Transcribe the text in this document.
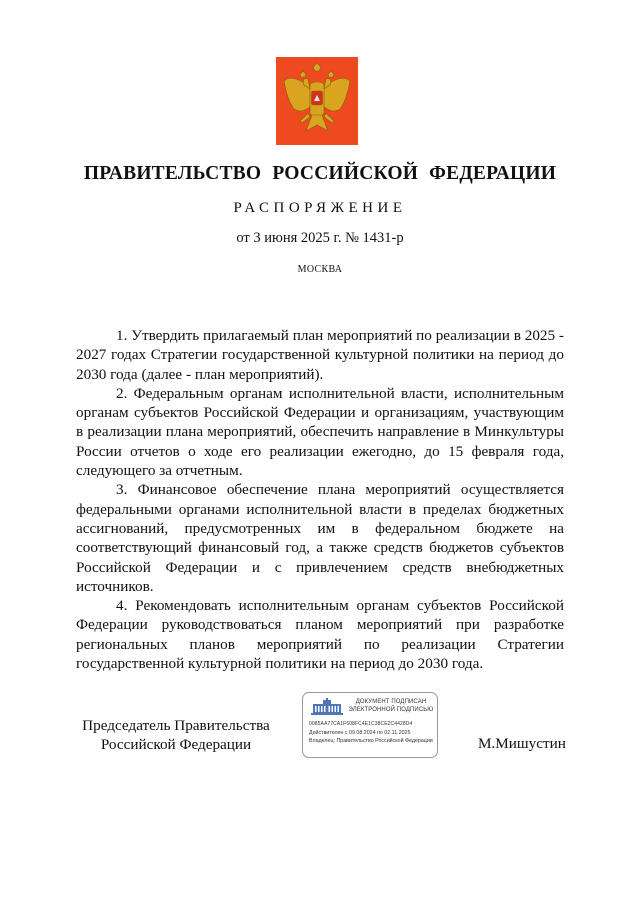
ПРАВИТЕЛЬСТВО РОССИЙСКОЙ ФЕДЕРАЦИИ
РАСПОРЯЖЕНИЕ
от 3 июня 2025 г. № 1431-р
МОСКВА

1. Утвердить прилагаемый план мероприятий по реализации в 2025 - 2027 годах Стратегии государственной культурной политики на период до 2030 года (далее - план мероприятий).

2. Федеральным органам исполнительной власти, исполнительным органам субъектов Российской Федерации и организациям, участвующим в реализации плана мероприятий, обеспечить направление в Минкультуры России отчетов о ходе его реализации ежегодно, до 15 февраля года, следующего за отчетным.

3. Финансовое обеспечение плана мероприятий осуществляется федеральными органами исполнительной власти в пределах бюджетных ассигнований, предусмотренных им в федеральном бюджете на соответствующий финансовый год, а также средств бюджетов субъектов Российской Федерации и с привлечением средств внебюджетных источников.

4. Рекомендовать исполнительным органам субъектов Российской Федерации руководствоваться планом мероприятий при разработке региональных планов мероприятий по реализации Стратегии государственной культурной политики на период до 2030 года.

Председатель Правительства
Российской Федерации
ДОКУМЕНТ ПОДПИСАН
ЭЛЕКТРОННОЙ ПОДПИСЬЮ
0085AA77CA1F608FC4E1C38CE2C4428D4
Действителен с 09.08.2024 по 02.11.2025
Владелец: Правительство Российской Федерации	М.Мишустин
